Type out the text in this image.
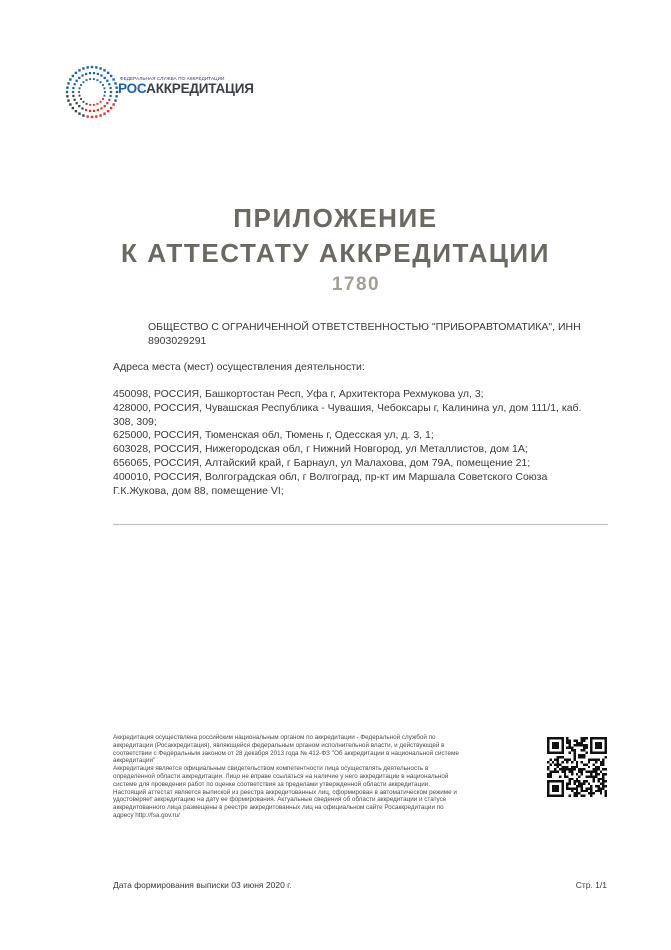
ФЕДЕРАЛЬНАЯ СЛУЖБА ПО АККРЕДИТАЦИИ
РОСАККРЕДИТАЦИЯ
ПРИЛОЖЕНИЕ
К АТТЕСТАТУ АККРЕДИТАЦИИ
1780
ОБЩЕСТВО С ОГРАНИЧЕННОЙ ОТВЕТСТВЕННОСТЬЮ "ПРИБОРАВТОМАТИКА", ИНН 8903029291
Адреса места (мест) осуществления деятельности:
450098, РОССИЯ, Башкортостан Респ, Уфа г, Архитектора Рехмукова ул, 3;
428000, РОССИЯ, Чувашская Республика - Чувашия, Чебоксары г, Калинина ул, дом 111/1, каб. 308, 309;
625000, РОССИЯ, Тюменская обл, Тюмень г, Одесская ул, д. 3, 1;
603028, РОССИЯ, Нижегородская обл, г Нижний Новгород, ул Металлистов, дом 1А;
656065, РОССИЯ, Алтайский край, г Барнаул, ул Малахова, дом 79А, помещение 21;
400010, РОССИЯ, Волгоградская обл, г Волгоград, пр-кт им Маршала Советского Союза Г.К.Жукова, дом 88, помещение VI;

Аккредитация осуществлена российским национальным органом по аккредитации - Федеральной службой по аккредитации (Росаккредитация), являющейся федеральным органом исполнительной власти, и действующей в соответствии с Федеральным законом от 28 декабря 2013 года № 412-ФЗ "Об аккредитации в национальной системе аккредитации"

Аккредитация является официальным свидетельством компетентности лица осуществлять деятельность в определенной области аккредитации. Лицо не вправе ссылаться на наличие у него аккредитации в национальной системе для проведения работ по оценке соответствия за пределами утвержденной области аккредитации.

Настоящий аттестат является выпиской из реестра аккредитованных лиц, сформирован в автоматическом режиме и удостоверяет аккредитацию на дату ее формирования. Актуальные сведения об области аккредитации и статусе аккредитованного лица размещены в реестре аккредитованных лиц на официальном сайте Росаккредитации по адресу http://fsa.gov.ru/

Дата формирования выписки 03 июня 2020 г.	Стр. 1/1
